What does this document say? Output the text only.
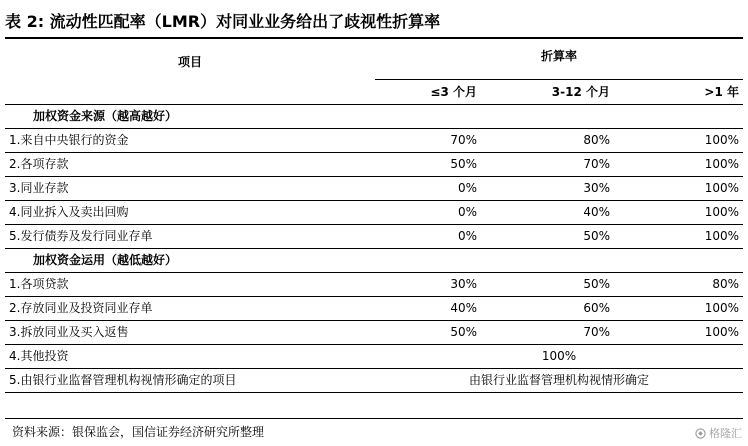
表 2: 流动性匹配率（LMR）对同业业务给出了歧视性折算率
项目	折算率		

	≤3 个月	3-12 个月	>1 年
加权资金来源（越高越好）			
1.来自中央银行的资金	70%	80%	100%
2.各项存款	50%	70%	100%
3.同业存款	0%	30%	100%
4.同业拆入及卖出回购	0%	40%	100%
5.发行债券及发行同业存单	0%	50%	100%
加权资金运用（越低越好）			
1.各项贷款	30%	50%	80%
2.存放同业及投资同业存单	40%	60%	100%
3.拆放同业及买入返售	50%	70%	100%
4.其他投资	100%		
5.由银行业监督管理机构视情形确定的项目	由银行业监督管理机构视情形确定		
资料来源：银保监会，国信证券经济研究所整理	格隆汇
